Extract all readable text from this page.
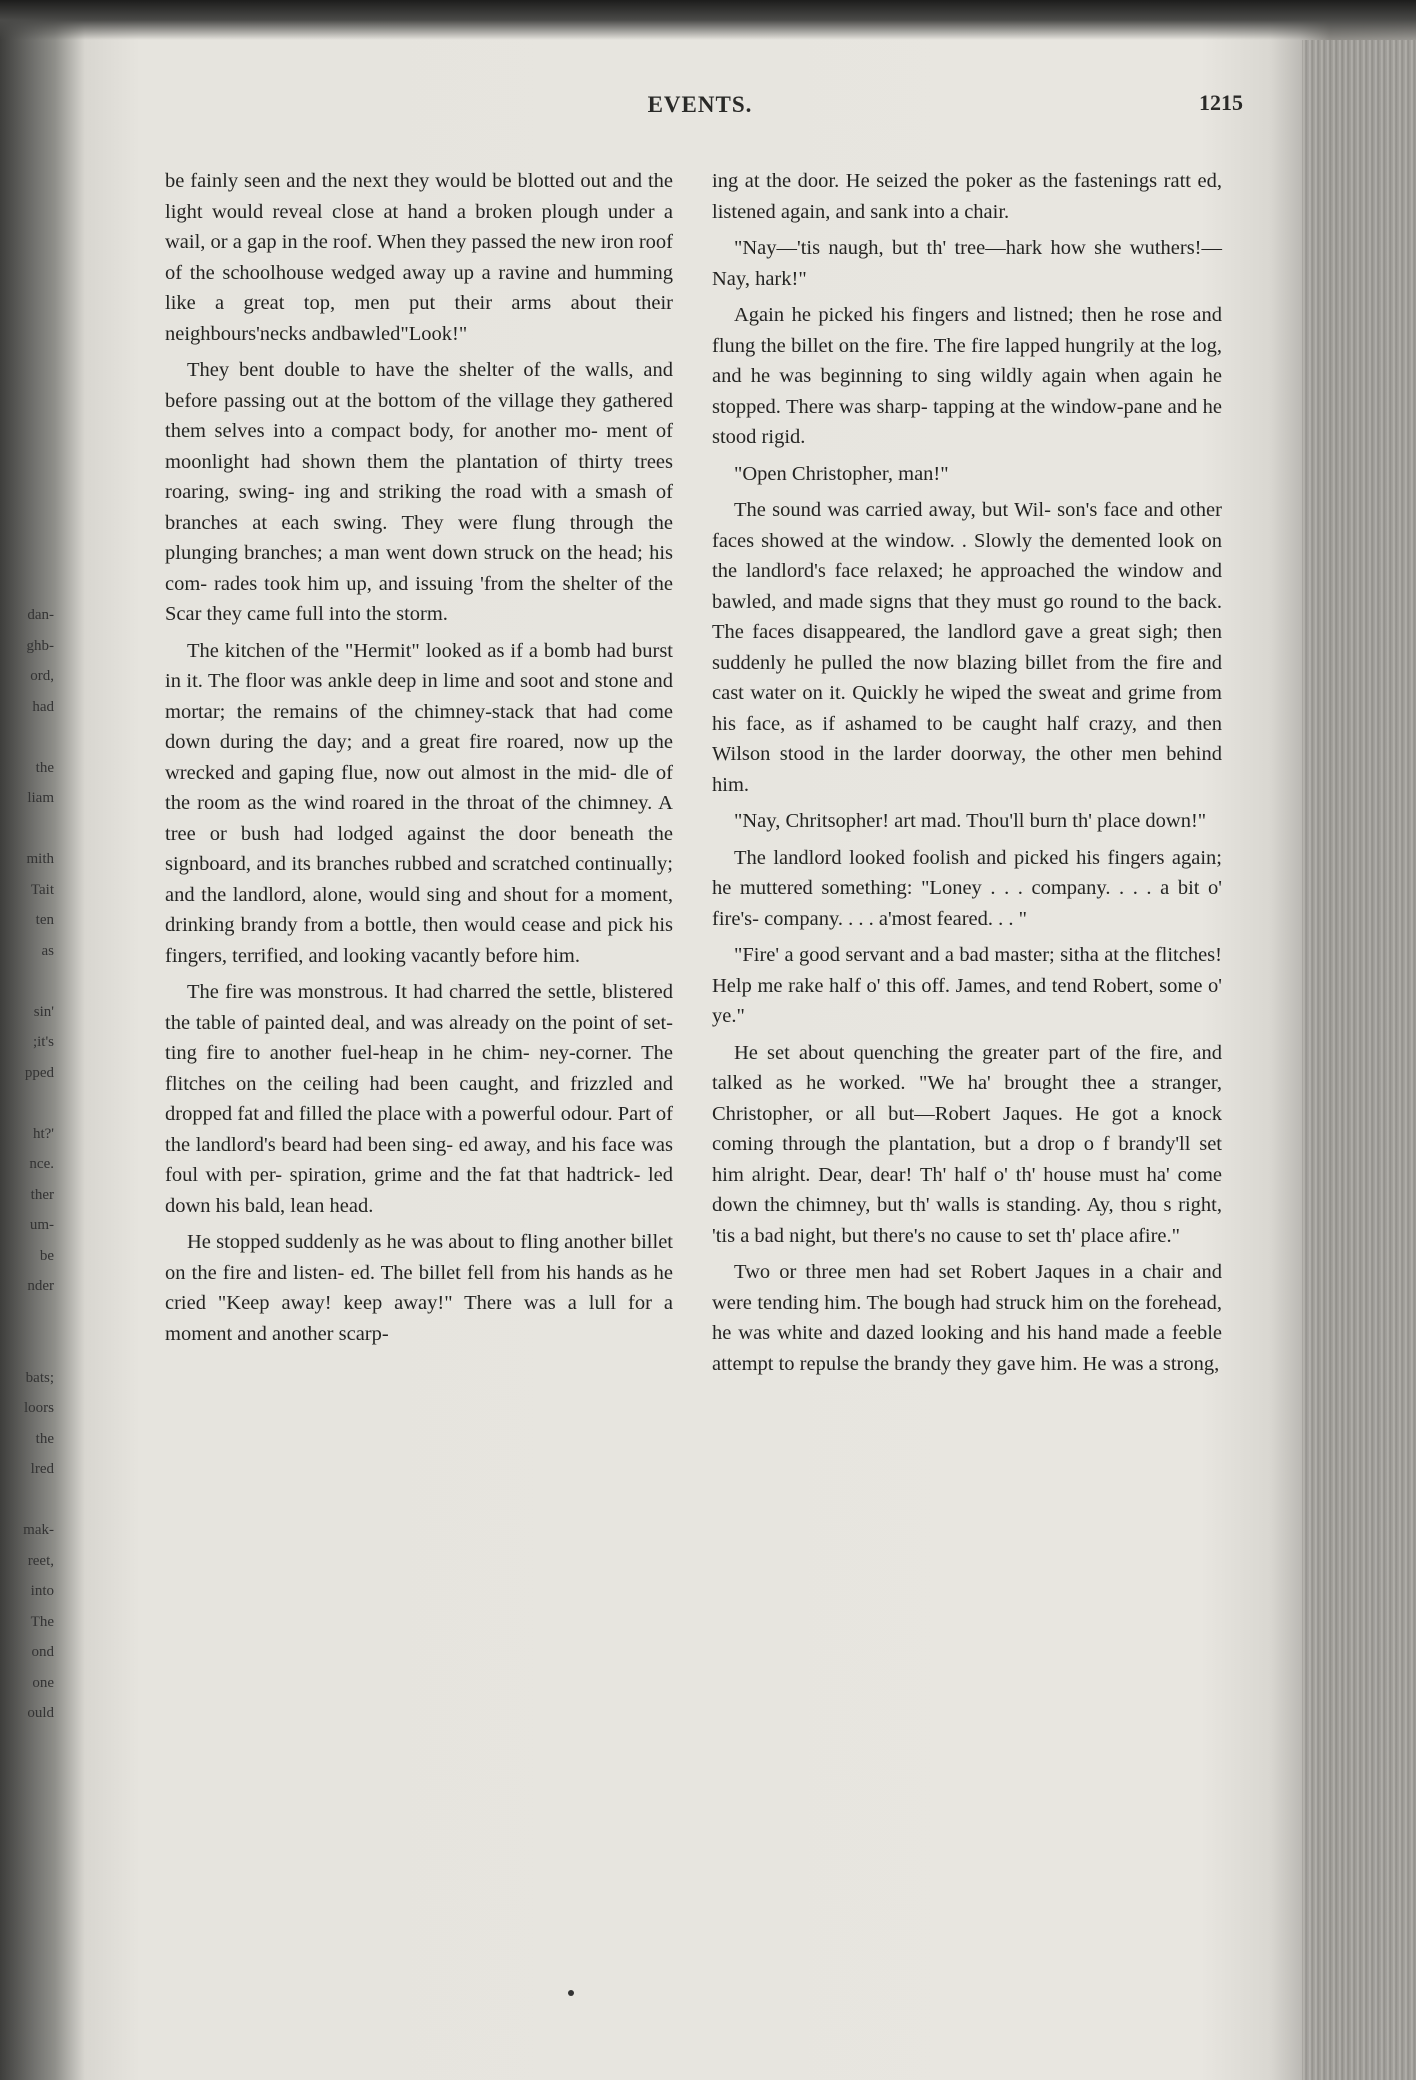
dan-
ghb-
ord,
had
the
liam
mith
Tait
ten
as
sin'
;it's
pped
ht?'
nce.
ther
um-
be
nder
bats;
loors
the
lred
mak-
reet,
into
The
ond
one
ould
EVENTS.	1215

be fainly seen and the next they would be blotted out and the light would reveal close at hand a broken plough under a wail, or a gap in the roof. When they passed the new iron roof of the schoolhouse wedged away up a ravine and humming like a great top, men put their arms about their neighbours'necks andbawled"Look!"

They bent double to have the shelter of the walls, and before passing out at the bottom of the village they gathered them selves into a compact body, for another mo- ment of moonlight had shown them the plantation of thirty trees roaring, swing- ing and striking the road with a smash of branches at each swing. They were flung through the plunging branches; a man went down struck on the head; his com- rades took him up, and issuing 'from the shelter of the Scar they came full into the storm.

The kitchen of the "Hermit" looked as if a bomb had burst in it. The floor was ankle deep in lime and soot and stone and mortar; the remains of the chimney-stack that had come down during the day; and a great fire roared, now up the wrecked and gaping flue, now out almost in the mid- dle of the room as the wind roared in the throat of the chimney. A tree or bush had lodged against the door beneath the signboard, and its branches rubbed and scratched continually; and the landlord, alone, would sing and shout for a moment, drinking brandy from a bottle, then would cease and pick his fingers, terrified, and looking vacantly before him.

The fire was monstrous. It had charred the settle, blistered the table of painted deal, and was already on the point of set- ting fire to another fuel-heap in he chim- ney-corner. The flitches on the ceiling had been caught, and frizzled and dropped fat and filled the place with a powerful odour. Part of the landlord's beard had been sing- ed away, and his face was foul with per- spiration, grime and the fat that hadtrick- led down his bald, lean head.

He stopped suddenly as he was about to fling another billet on the fire and listen- ed. The billet fell from his hands as he cried "Keep away! keep away!" There was a lull for a moment and another scarp-

ing at the door. He seized the poker as the fastenings ratt ed, listened again, and sank into a chair.

"Nay—'tis naugh, but th' tree—hark how she wuthers!—Nay, hark!"

Again he picked his fingers and listned; then he rose and flung the billet on the fire. The fire lapped hungrily at the log, and he was beginning to sing wildly again when again he stopped. There was sharp- tapping at the window-pane and he stood rigid.

"Open Christopher, man!"

The sound was carried away, but Wil- son's face and other faces showed at the window. . Slowly the demented look on the landlord's face relaxed; he approached the window and bawled, and made signs that they must go round to the back. The faces disappeared, the landlord gave a great sigh; then suddenly he pulled the now blazing billet from the fire and cast water on it. Quickly he wiped the sweat and grime from his face, as if ashamed to be caught half crazy, and then Wilson stood in the larder doorway, the other men behind him.

"Nay, Chritsopher! art mad. Thou'll burn th' place down!"

The landlord looked foolish and picked his fingers again; he muttered something: "Loney . . . company. . . . a bit o' fire's- company. . . . a'most feared. . . "

"Fire' a good servant and a bad master; sitha at the flitches! Help me rake half o' this off. James, and tend Robert, some o' ye."

He set about quenching the greater part of the fire, and talked as he worked. "We ha' brought thee a stranger, Christopher, or all but—Robert Jaques. He got a knock coming through the plantation, but a drop o f brandy'll set him alright. Dear, dear! Th' half o' th' house must ha' come down the chimney, but th' walls is standing. Ay, thou s right, 'tis a bad night, but there's no cause to set th' place afire."

Two or three men had set Robert Jaques in a chair and were tending him. The bough had struck him on the forehead, he was white and dazed looking and his hand made a feeble attempt to repulse the brandy they gave him. He was a strong,
